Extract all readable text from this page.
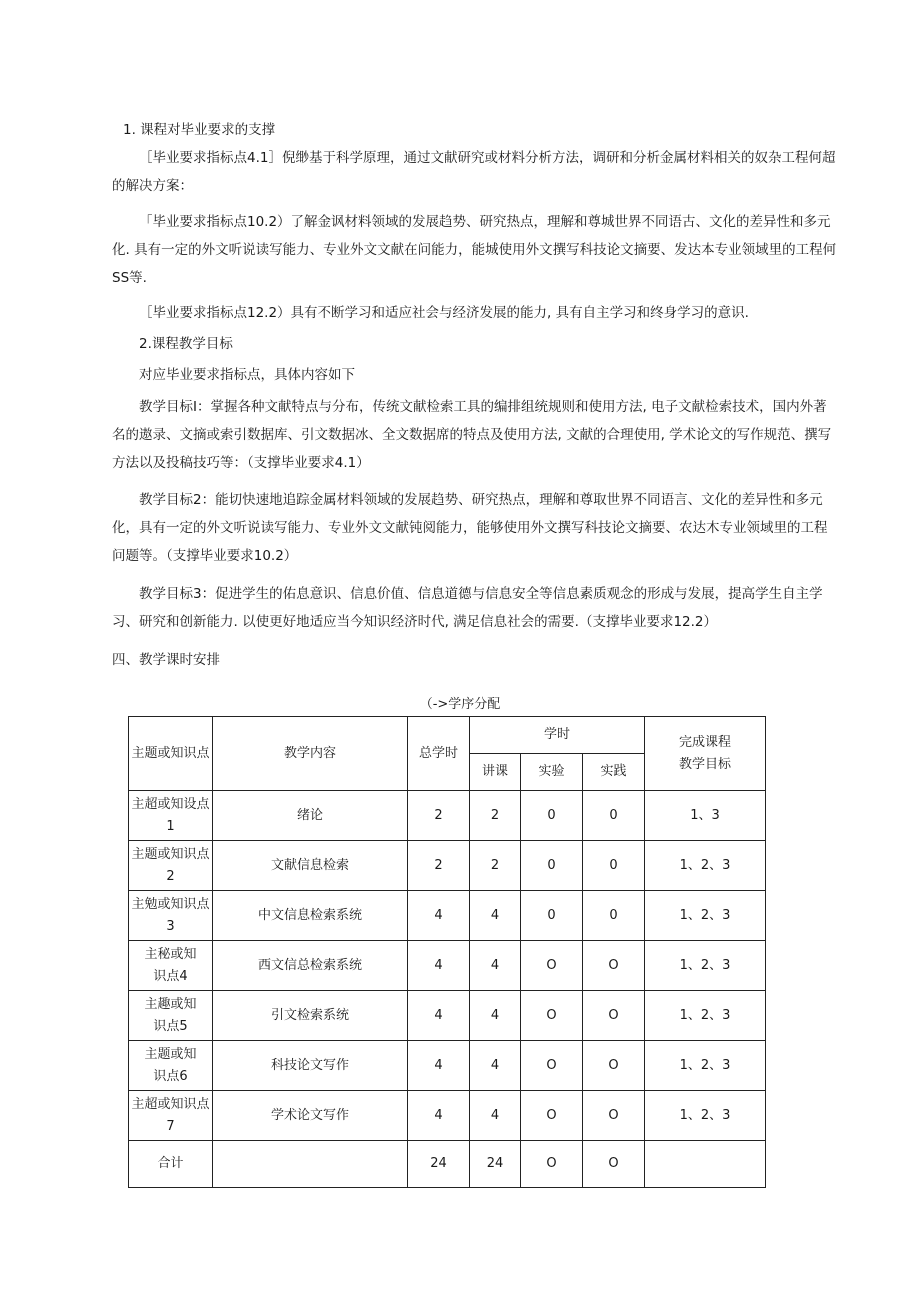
1. 课程对毕业要求的支撑

［毕业要求指标点4.1］倪缈基于科学原理，通过文献研究或材料分析方法，调研和分析金属材料相关的奴杂工程何超的解决方案：

「毕业要求指标点10.2）了解金讽材料领域的发展趋势、研究热点，理解和尊城世界不同语古、文化的差异性和多元化. 具有一定的外文听说读写能力、专业外文文献在问能力，能城使用外文撰写科技论文摘要、发达本专业领域里的工程何SS等.

［毕业要求指标点12.2）具有不断学习和适应社会与经济发展的能力, 具有自主学习和终身学习的意识.

2.课程教学目标

对应毕业要求指标点，具体内容如下

教学目标I：掌握各种文献特点与分布，传统文献检索工具的编排组统规则和使用方法, 电子文献检索技术，国内外著名的遨录、文摘或索引数据库、引文数据冰、全文数据席的特点及使用方法, 文献的合理使用, 学术论文的写作规范、撰写方法以及投稿技巧等：（支撑毕业要求4.1）

教学目标2：能切快速地追踪金属材料领域的发展趋势、研究热点，理解和尊取世界不同语言、文化的差异性和多元化，具有一定的外文听说读写能力、专业外文文献钝阅能力，能够使用外文撰写科技论文摘要、农达木专业领域里的工程问题等。（支撑毕业要求10.2）

教学目标3：促进学生的佑息意识、信息价值、信息道德与信息安全等信息素质观念的形成与发展，提高学生自主学习、研究和创新能力. 以使更好地适应当今知识经济时代, 满足信息社会的需要.（支撑毕业要求12.2）

四、教学课时安排

（->学序分配
主题或知识点	教学内容	总学时	学时			完成课程
教学目标

			讲课	实验	实践	

主超或知设点
1	绪论	2	2	0	0	1、3

主题或知识点
2	文献信息检索	2	2	0	0	1、2、3

主勉或知识点
3	中文信息检索系统	4	4	0	0	1、2、3

主秘或知
识点4	西文信总检索系统	4	4	O	O	1、2、3

主趣或知
识点5	引文检索系统	4	4	O	O	1、2、3

主题或知
识点6	科技论文写作	4	4	O	O	1、2、3

主超或知识点
7	学术论文写作	4	4	O	O	1、2、3
合计		24	24	O	O	
